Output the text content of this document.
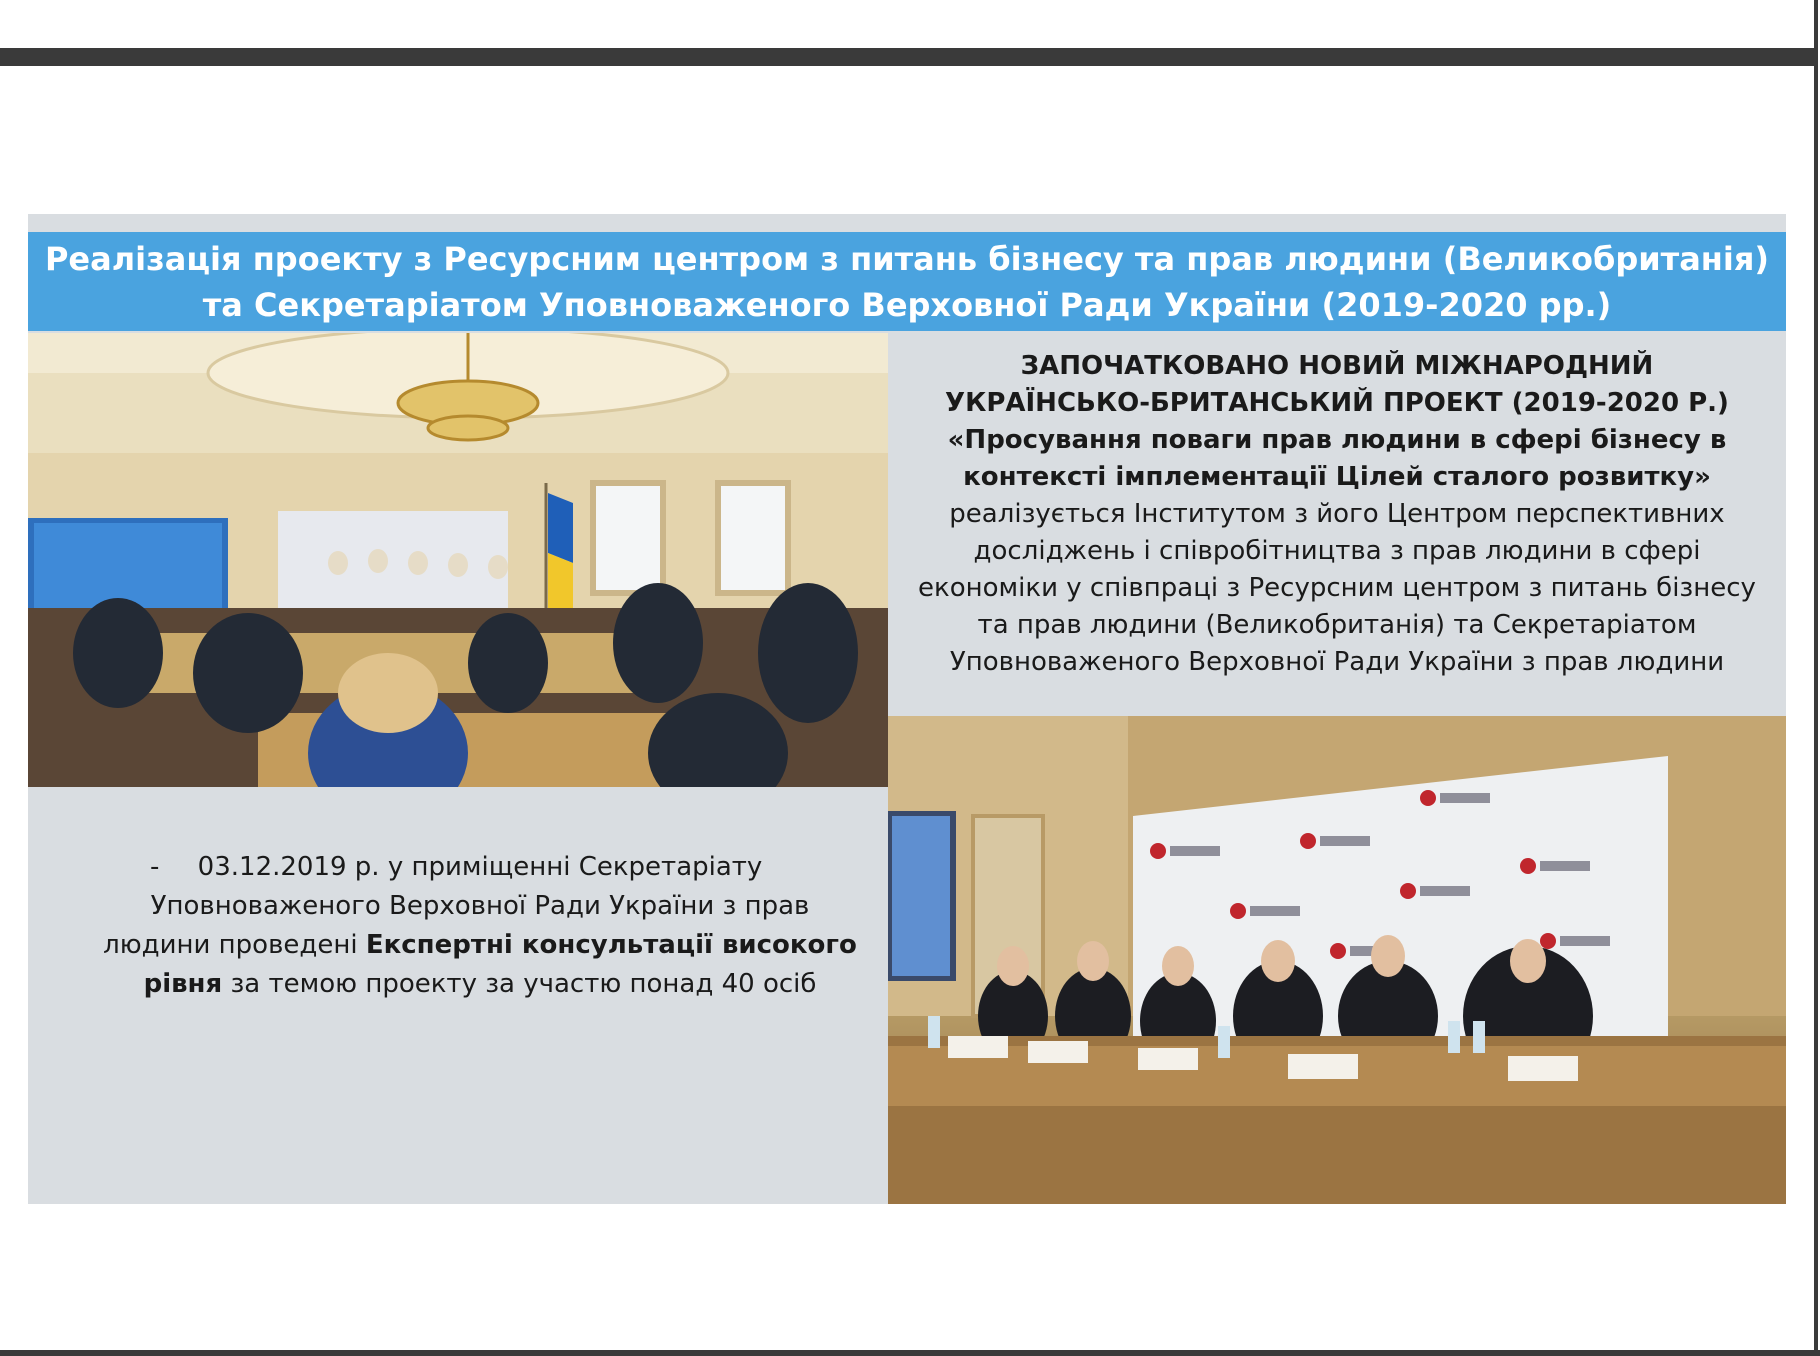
Реалізація проекту з Ресурсним центром з питань бізнесу та прав людини (Великобританія)
та Секретаріатом Уповноваженого Верховної Ради України (2019-2020 рр.)
ЗАПОЧАТКОВАНО НОВИЙ МІЖНАРОДНИЙ
УКРАЇНСЬКО-БРИТАНСЬКИЙ ПРОЕКТ (2019-2020 Р.)
«Просування поваги прав людини в сфері бізнесу в
контексті імплементації Цілей сталого розвитку»
реалізується Інститутом з його Центром перспективних
досліджень і співробітництва з прав людини в сфері
економіки у співпраці з Ресурсним центром з питань бізнесу
та прав людини (Великобританія) та Секретаріатом
Уповноваженого Верховної Ради України з прав людини
- 03.12.2019 р. у приміщенні Секретаріату Уповноваженого Верховної Ради України з прав людини проведені Експертні консультації високого рівня за темою проекту за участю понад 40 осіб
